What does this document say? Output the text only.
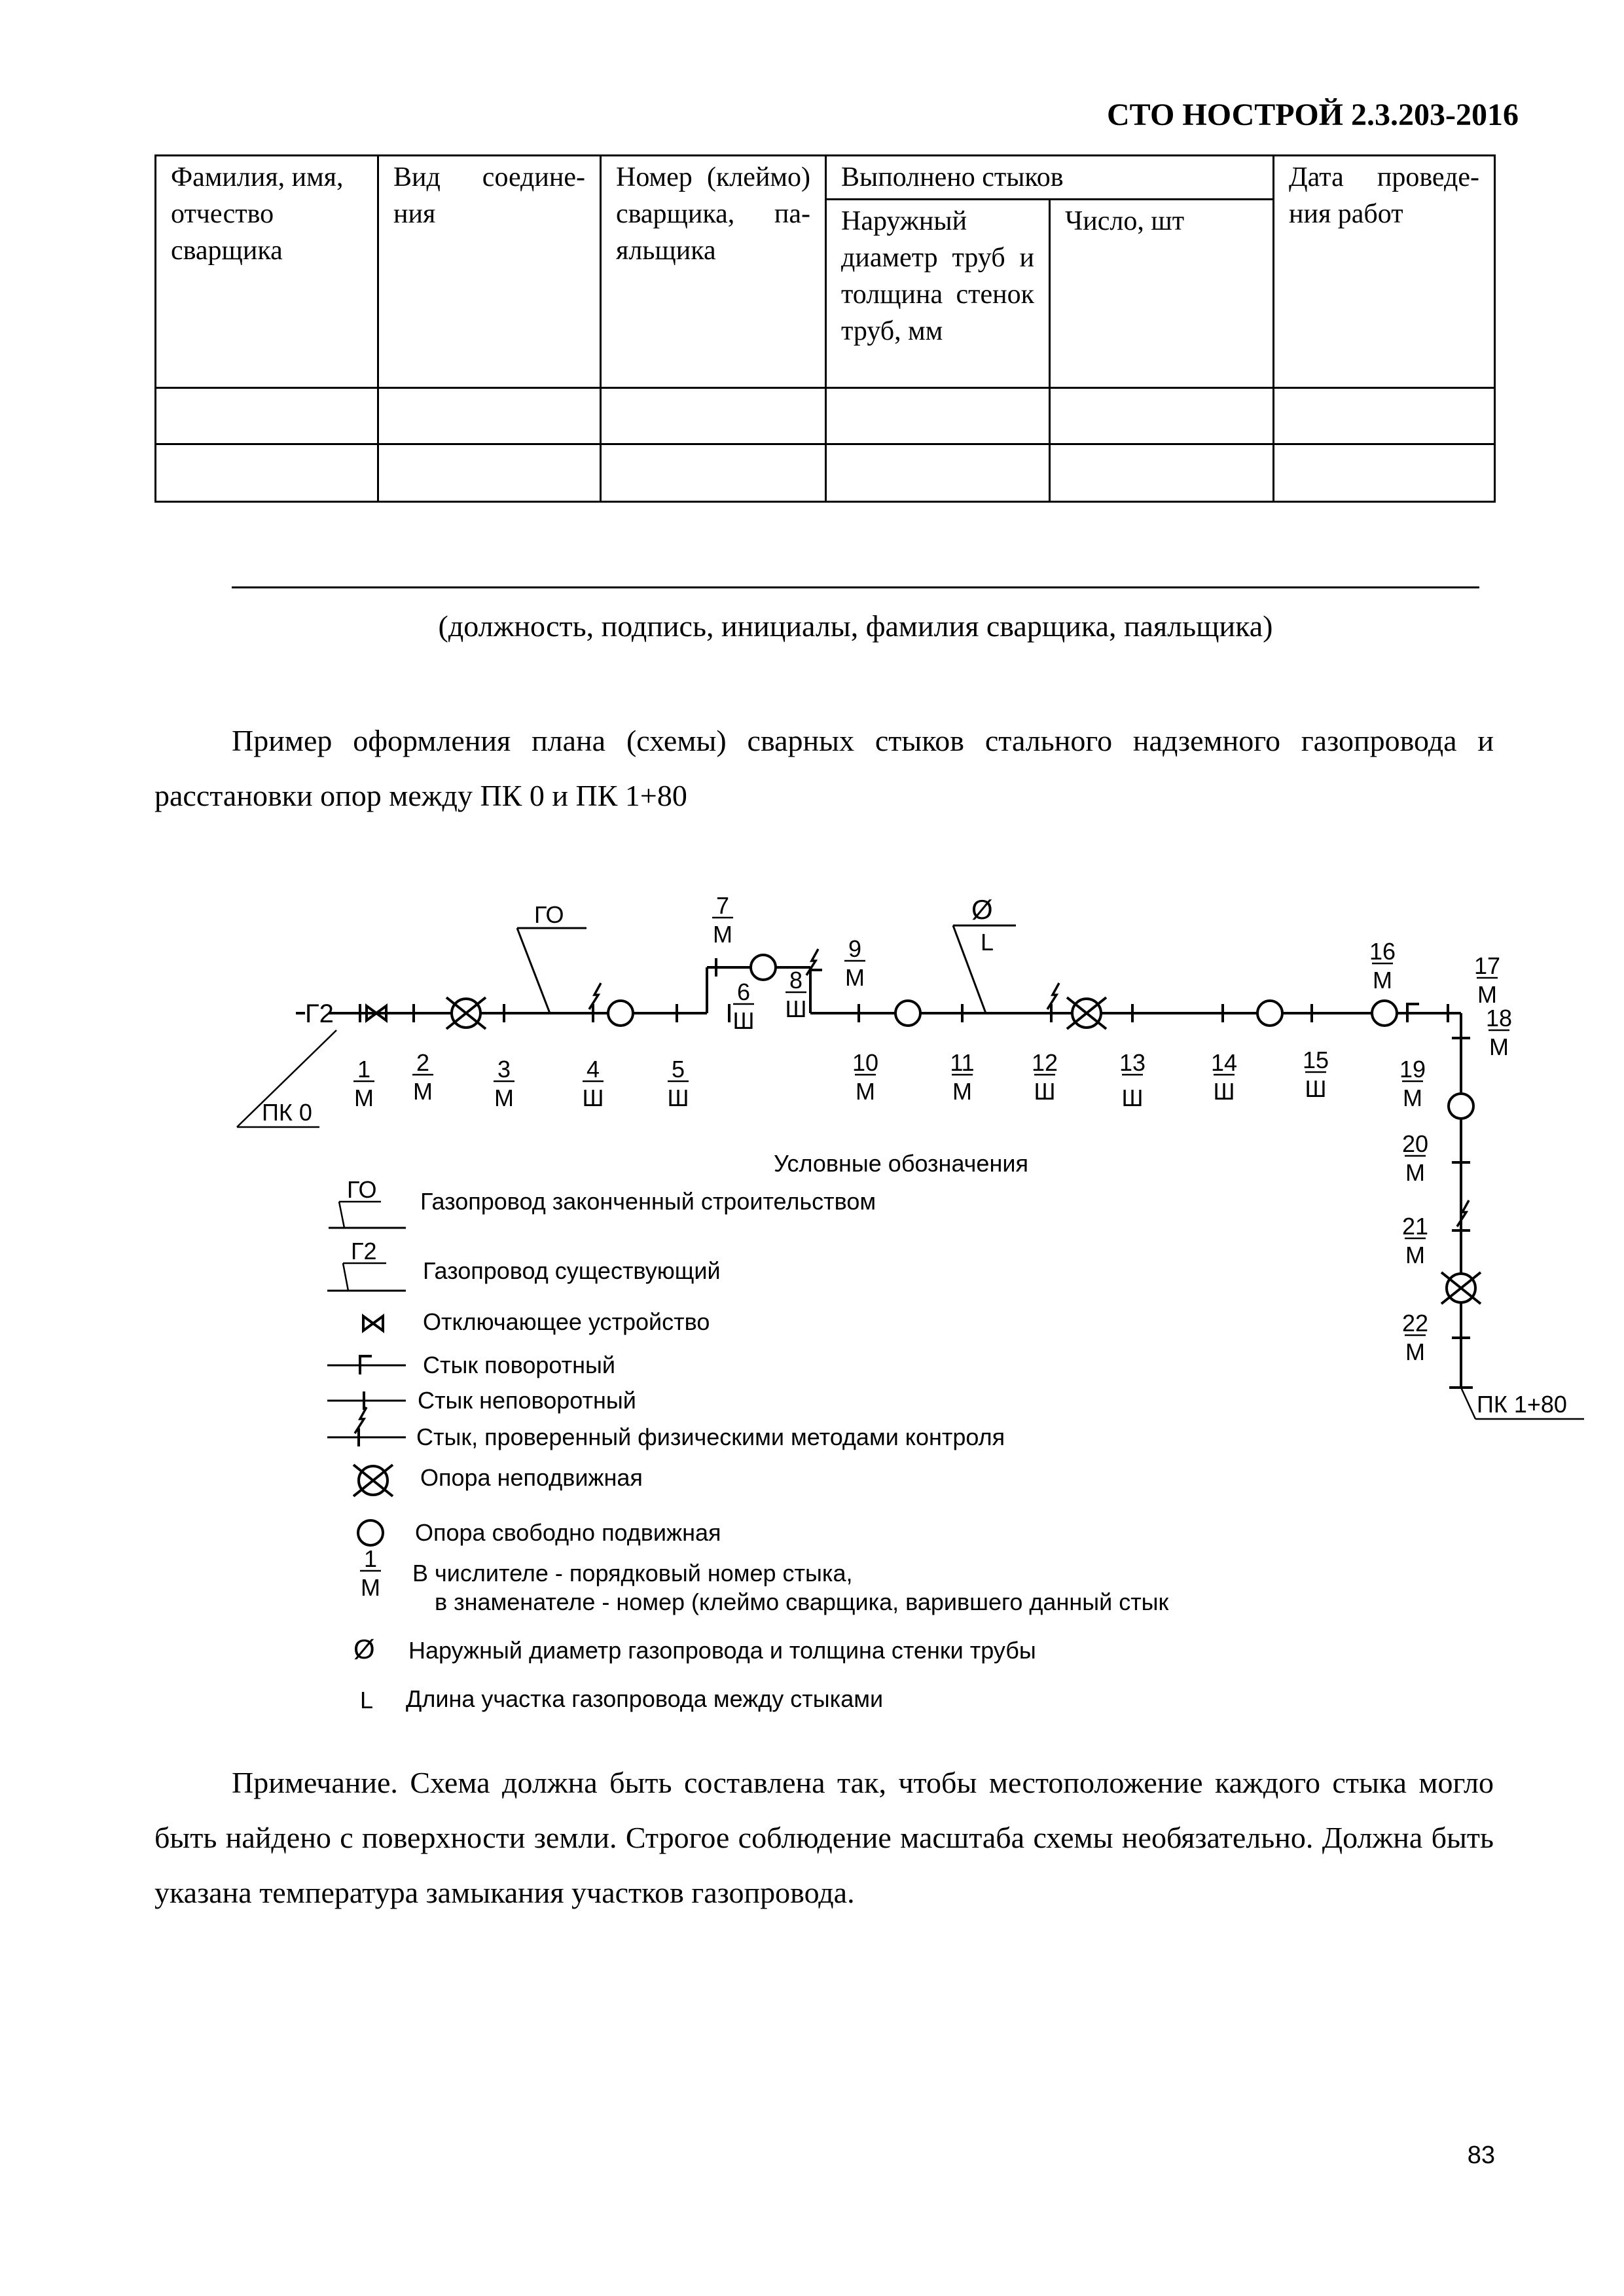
СТО НОСТРОЙ 2.3.203-2016
Фамилия, имя, отчество сварщика	Вид соедине-ния	Номер (клеймо) сварщика, па-яльщика	Выполнено стыков		Дата проведе-ния работ
			Наружный диаметр труб и толщина стенок труб, мм	Число, шт	

(должность, подпись, инициалы, фамилия сварщика, паяльщика)

Пример оформления плана (схемы) сварных стыков стального надземного газопровода и расстановки опор между ПК 0 и ПК 1+80

Г2
ПК 0
ПК 1+80
ГО	Ø
L
1
М
2
М
3
М
4
Ш
5
Ш
6
Ш
7
М
8
Ш
9
М
10
М
11
М
12
Ш
13
Ш
14
Ш
15
Ш
16
М
17
М
18
М
19
М
20
М
21
М
22
М
Условные обозначения
ГО Газопровод законченный строительством
Г2
Газопровод существующий
Отключающее устройство
Стык поворотный
Стык неповоротный
Стык, проверенный физическими методами контроля
Опора неподвижная
Опора свободно подвижная
1
М
В числителе - порядковый номер стыка,
в знаменателе - номер (клеймо сварщика, варившего данный стык
Ø Наружный диаметр газопровода и толщина стенки трубы
L Длина участка газопровода между стыками

Примечание. Схема должна быть составлена так, чтобы местоположение каждого стыка могло быть найдено с поверхности земли. Строгое соблюдение масштаба схемы необязательно. Должна быть указана температура замыкания участков газопровода.

83
